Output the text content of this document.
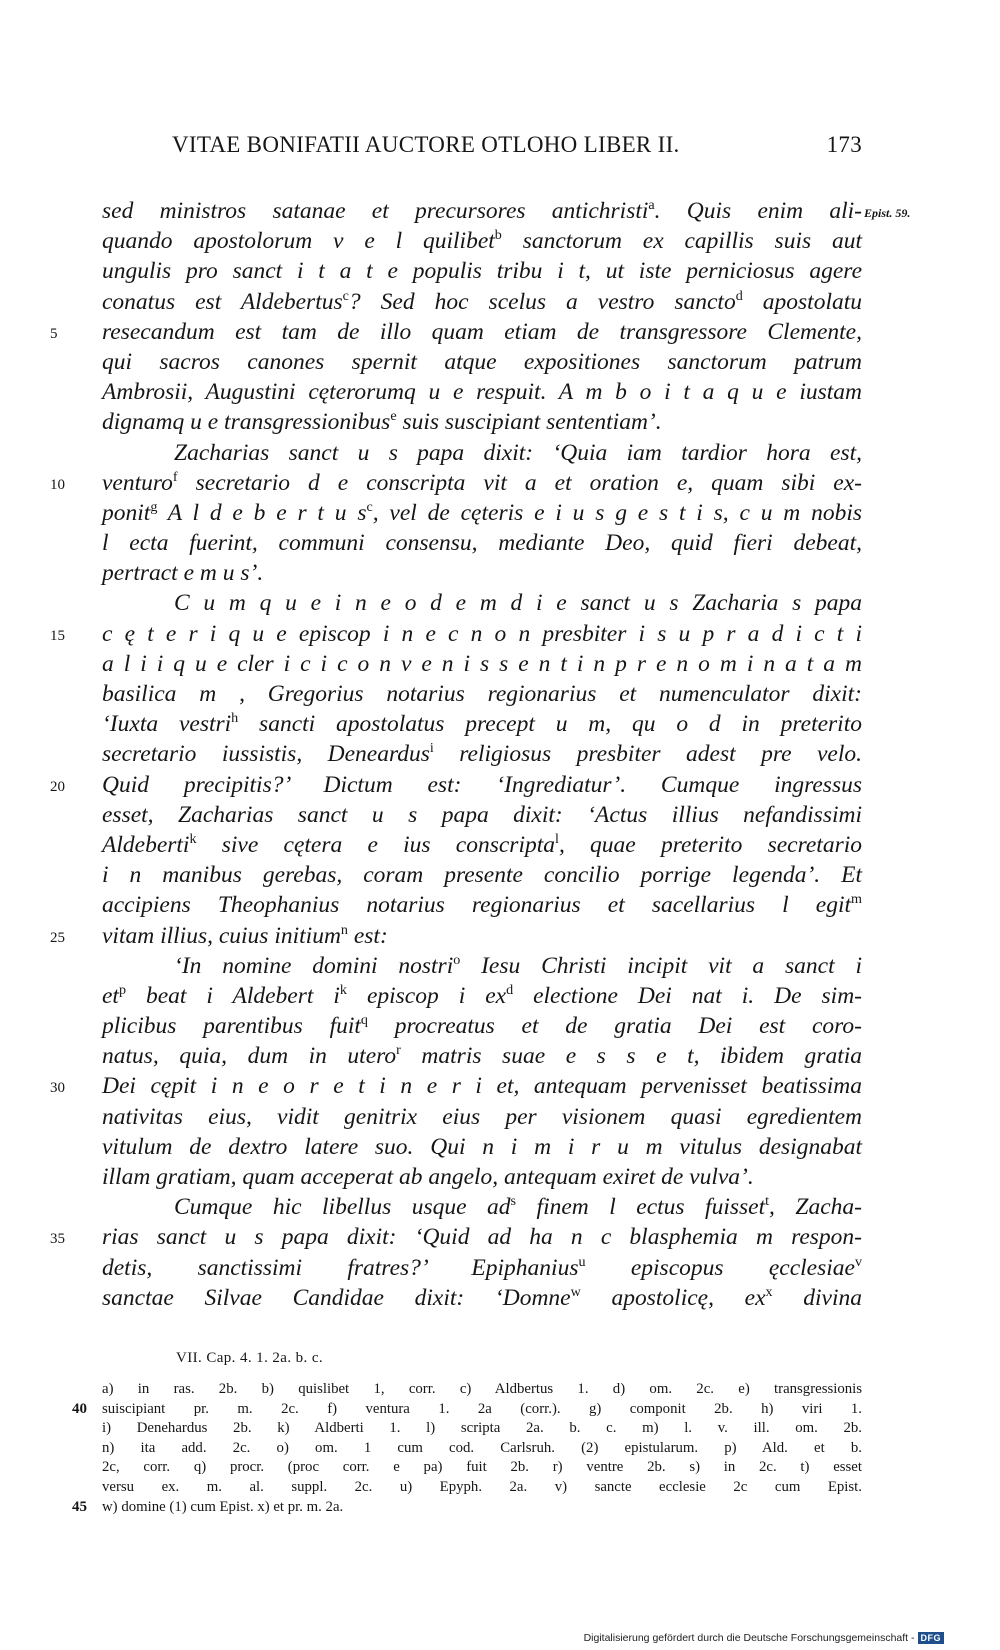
VITAE BONIFATII AUCTORE OTLOHO LIBER II.	173
sed ministros satanae et precursores antichristi$^a$. Quis enim ali- Epist. 59.
quando apostolorum v e l quilibet$^b$ sanctorum ex capillis suis aut
ungulis pro sanct i t a t e populis tribu i t, ut iste perniciosus agere
conatus est Aldebertus$^c$? Sed hoc scelus a vestro sancto$^d$ apostolatu
5 resecandum est tam de illo quam etiam de transgressore Clemente,
qui sacros canones spernit atque expositiones sanctorum patrum
Ambrosii, Augustini cęterorumq u e respuit. A m b o i t a q u e iustam
dignamq u e transgressionibus$^e$ suis suscipiant sententiam’.
Zacharias sanct u s papa dixit: ‘Quia iam tardior hora est,
10 venturo$^f$ secretario d e conscripta vit a et oration e, quam sibi ex-
ponit$^g$ A l d e b e r t u $s^c$, vel de cęteris e i u s g e s t i s, c u m nobis
l ecta fuerint, communi consensu, mediante Deo, quid fieri debeat,
pertract e m u s’.
C u m q u e i n e o d e m d i e sanct u s Zacharia s papa
15 c ę t e r i q u e episcop i n e c n o n presbiter i s u p r a d i c t i
a l i i q u e cler i c i c o n v e n i s s e n t i n p r e n o m i n a t a m
basilica m , Gregorius notarius regionarius et numenculator dixit:
‘Iuxta vestri$^h$ sancti apostolatus precept u m, qu o d in preterito
secretario iussistis, Deneardus$^i$ religiosus presbiter adest pre velo.
20 Quid precipitis?’ Dictum est: ‘Ingrediatur’. Cumque ingressus
esset, Zacharias sanct u s papa dixit: ‘Actus illius nefandissimi
Aldeberti$^k$ sive cętera e ius conscripta$^l$, quae preterito secretario
i n manibus gerebas, coram presente concilio porrige legenda’. Et
accipiens Theophanius notarius regionarius et sacellarius l egit$^m$
25 vitam illius, cuius initium$^n$ est:
‘In nomine domini nostri$^o$ Iesu Christi incipit vit a sanct i
$et^p$ beat i Aldebert $i^k$ episcop i $ex^d$ electione Dei nat i. De sim-
plicibus parentibus fuit$^q$ procreatus et de gratia Dei est coro-
natus, quia, dum in utero$^r$ matris suae e s s e t, ibidem gratia
30 Dei cępit i n e o r e t i n e r i et, antequam pervenisset beatissima
nativitas eius, vidit genitrix eius per visionem quasi egredientem
vitulum de dextro latere suo. Qui n i m i r u m vitulus designabat
illam gratiam, quam acceperat ab angelo, antequam exiret de vulva’.
Cumque hic libellus usque $ad^s$ finem l ectus fuisset$^t$, Zacha-
35 rias sanct u s papa dixit: ‘Quid ad ha n c blasphemia m respon-
detis, sanctissimi fratres?’ Epiphanius$^u$ episcopus ęcclesiae$^v$
sanctae Silvae Candidae dixit: ‘Domne$^w$ apostolicę, $ex^x$ divina
VII. Cap. 4. 1. 2a. b. c.
a) in ras. 2b. b) quislibet 1, corr. c) Aldbertus 1. d) om. 2c. e) transgressionis
40 suiscipiant pr. m. 2c. f) ventura 1. 2a (corr.). g) componit 2b. h) viri 1.
i) Denehardus 2b. k) Aldberti 1. l) scripta 2a. b. c. m) l. v. ill. om. 2b.
n) ita add. 2c. o) om. 1 cum cod. Carlsruh. (2) epistularum. p) Ald. et b.
2c, corr. q) procr. (proc corr. e pa) fuit 2b. r) ventre 2b. s) in 2c. t) esset
versu ex. m. al. suppl. 2c. u) Epyph. 2a. v) sancte ecclesie 2c cum Epist.
45 w) domine (1) cum Epist. x) et pr. m. 2a.
Digitalisierung gefördert durch die Deutsche Forschungsgemeinschaft - DFG
